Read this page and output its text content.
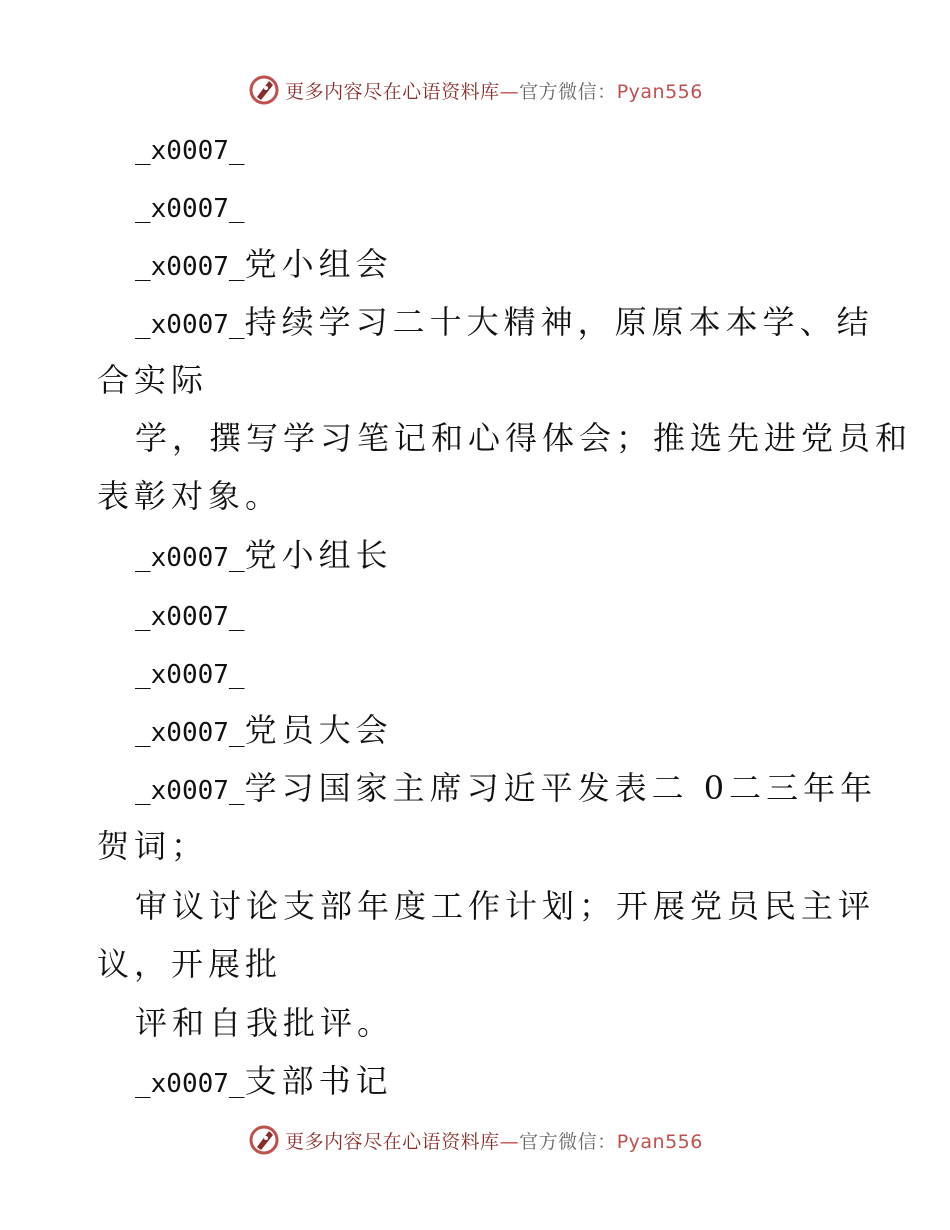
更多内容尽在心语资料库—官方微信：Pyan556
_x0007_
_x0007_
_x0007_党小组会
_x0007_持续学习二十大精神，原原本本学、结
合实际
学，撰写学习笔记和心得体会；推选先进党员和
表彰对象。
_x0007_党小组长
_x0007_
_x0007_
_x0007_党员大会
_x0007_学习国家主席习近平发表二 0二三年年
贺词；
审议讨论支部年度工作计划；开展党员民主评
议，开展批
评和自我批评。
_x0007_支部书记
更多内容尽在心语资料库—官方微信：Pyan556
